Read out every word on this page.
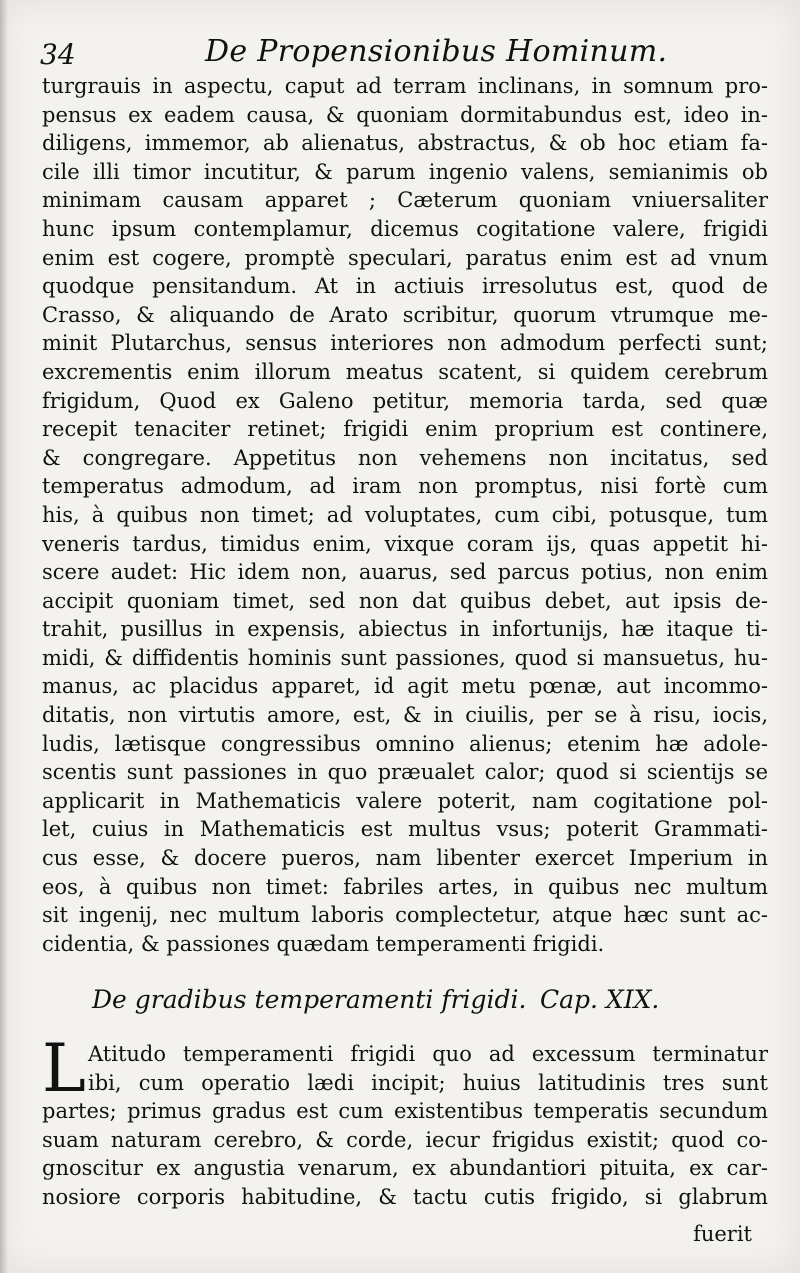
34	De Propensionibus Hominum.
turgrauis in aspectu, caput ad terram inclinans, in somnum pro-
pensus ex eadem causa, & quoniam dormitabundus est, ideo in-
diligens, immemor, ab alienatus, abstractus, & ob hoc etiam fa-
cile illi timor incutitur, & parum ingenio valens, semianimis ob
minimam causam apparet ; Cæterum quoniam vniuersaliter
hunc ipsum contemplamur, dicemus cogitatione valere, frigidi
enim est cogere, promptè speculari, paratus enim est ad vnum
quodque pensitandum. At in actiuis irresolutus est, quod de
Crasso, & aliquando de Arato scribitur, quorum vtrumque me-
minit Plutarchus, sensus interiores non admodum perfecti sunt;
excrementis enim illorum meatus scatent, si quidem cerebrum
frigidum, Quod ex Galeno petitur, memoria tarda, sed quæ
recepit tenaciter retinet; frigidi enim proprium est continere,
& congregare. Appetitus non vehemens non incitatus, sed
temperatus admodum, ad iram non promptus, nisi fortè cum
his, à quibus non timet; ad voluptates, cum cibi, potusque, tum
veneris tardus, timidus enim, vixque coram ijs, quas appetit hi-
scere audet: Hic idem non, auarus, sed parcus potius, non enim
accipit quoniam timet, sed non dat quibus debet, aut ipsis de-
trahit, pusillus in expensis, abiectus in infortunijs, hæ itaque ti-
midi, & diffidentis hominis sunt passiones, quod si mansuetus, hu-
manus, ac placidus apparet, id agit metu pœnæ, aut incommo-
ditatis, non virtutis amore, est, & in ciuilis, per se à risu, iocis,
ludis, lætisque congressibus omnino alienus; etenim hæ adole-
scentis sunt passiones in quo præualet calor; quod si scientijs se
applicarit in Mathematicis valere poterit, nam cogitatione pol-
let, cuius in Mathematicis est multus vsus; poterit Grammati-
cus esse, & docere pueros, nam libenter exercet Imperium in
eos, à quibus non timet: fabriles artes, in quibus nec multum
sit ingenij, nec multum laboris complectetur, atque hæc sunt ac-
cidentia, & passiones quædam temperamenti frigidi.
De gradibus temperamenti frigidi. Cap. XIX.
L Atitudo temperamenti frigidi quo ad excessum terminatur
ibi, cum operatio lædi incipit; huius latitudinis tres sunt
partes; primus gradus est cum existentibus temperatis secundum
suam naturam cerebro, & corde, iecur frigidus existit; quod co-
gnoscitur ex angustia venarum, ex abundantiori pituita, ex car-
nosiore corporis habitudine, & tactu cutis frigido, si glabrum
fuerit
